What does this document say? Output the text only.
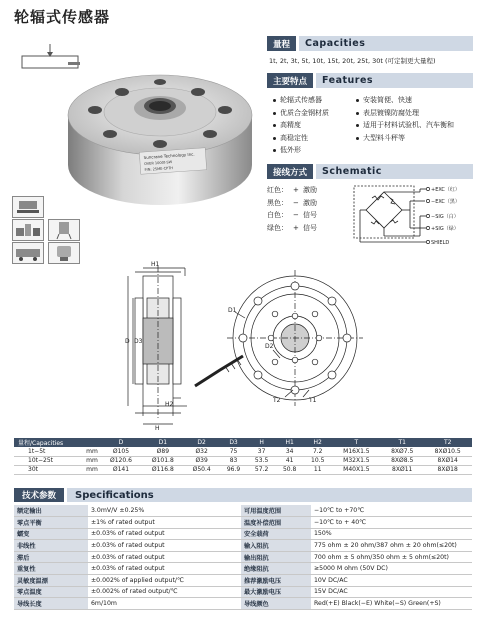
轮辐式传感器
Suncrane Technology Inc.
OVER 1000t-SW
P/N: 25ME-CPTH
量程	Capacities
1t, 2t, 3t, 5t, 10t, 15t, 20t, 25t, 30t (可定制更大量程)
主要特点	Features
轮辐式传感器
优质合金钢材质
高精度
高稳定性
低外形
安装简便、快速
表层镀镍防腐处理
适用于材料试验机、汽车衡和
大型料斗秤等
接线方式	Schematic
红色： + 激励
黑色： − 激励
白色： − 信号
绿色： + 信号
+EXC（红）
−EXC（黑）
−SIG（白）
+SIG（绿）
SHIELD
H1
D D3
H2
H
D1
D2
T2	T1
量程/Capacities		D	D1	D2	D3	H	H1	H2	T	T1	T2
1t−5t	mm	Ø105	Ø89	Ø32	75	37	34	7.2	M16X1.5	8XØ7.5	8XØ10.5
10t−25t	mm	Ø120.6	Ø101.8	Ø39	83	53.5	41	10.5	M32X1.5	8XØ8.5	8XØ14
30t	mm	Ø141	Ø116.8	Ø50.4	96.9	57.2	50.8	11	M40X1.5	8XØ11	8XØ18
技术参数	Specifications
额定输出	3.0mV/V ±0.25%	可用温度范围	−10℃ to +70℃
零点平衡	±1% of rated output	温度补偿范围	−10℃ to + 40℃
蠕变	±0.03% of rated output	安全载荷	150%
非线性	±0.03% of rated output	输入阻抗	775 ohm ± 20 ohm/387 ohm ± 20 ohm(≤20t)
滞后	±0.03% of rated output	输出阻抗	700 ohm ± 5 ohm/350 ohm ± 5 ohm(≤20t)
重复性	±0.03% of rated output	绝缘阻抗	≥5000 M ohm (50V DC)
灵敏度温漂	±0.002% of applied output/℃	推荐激励电压	10V DC/AC
零点温度	±0.002% of rated output/℃	最大激励电压	15V DC/AC
导线长度	6m/10m	导线颜色	Red(+E) Black(−E) White(−S) Green(+S)
